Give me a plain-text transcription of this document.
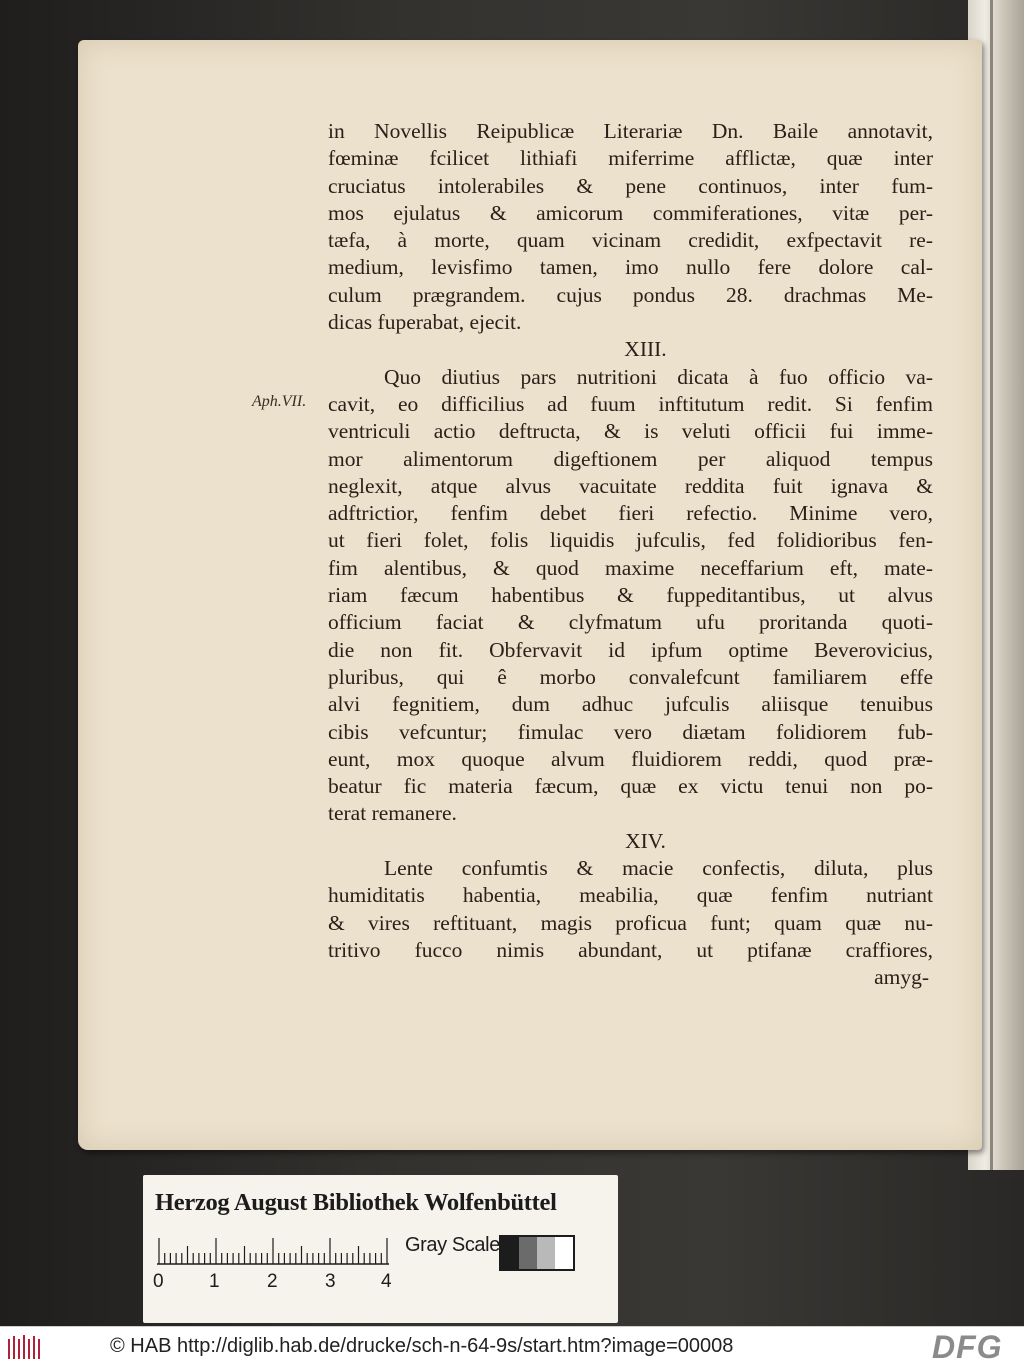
Aph.VII.
in Novellis Reipublicæ Literariæ Dn. Baile annotavit,
fœminæ fcilicet lithiafi miferrime afflictæ, quæ inter
cruciatus intolerabiles & pene continuos, inter fum-
mos ejulatus & amicorum commiferationes, vitæ per-
tæfa, à morte, quam vicinam credidit, exfpectavit re-
medium, levisfimo tamen, imo nullo fere dolore cal-
culum prægrandem. cujus pondus 28. drachmas Me-
dicas fuperabat, ejecit.
XIII.
Quo diutius pars nutritioni dicata à fuo officio va-
cavit, eo difficilius ad fuum inftitutum redit. Si fenfim
ventriculi actio deftructa, & is veluti officii fui imme-
mor alimentorum digeftionem per aliquod tempus
neglexit, atque alvus vacuitate reddita fuit ignava &
adftrictior, fenfim debet fieri refectio. Minime vero,
ut fieri folet, folis liquidis jufculis, fed folidioribus fen-
fim alentibus, & quod maxime neceffarium eft, mate-
riam fæcum habentibus & fuppeditantibus, ut alvus
officium faciat & clyfmatum ufu proritanda quoti-
die non fit. Obfervavit id ipfum optime Beverovicius,
pluribus, qui ê morbo convalefcunt familiarem effe
alvi fegnitiem, dum adhuc jufculis aliisque tenuibus
cibis vefcuntur; fimulac vero diætam folidiorem fub-
eunt, mox quoque alvum fluidiorem reddi, quod præ-
beatur fic materia fæcum, quæ ex victu tenui non po-
terat remanere.
XIV.
Lente confumtis & macie confectis, diluta, plus
humiditatis habentia, meabilia, quæ fenfim nutriant
& vires reftituant, magis proficua funt; quam quæ nu-
tritivo fucco nimis abundant, ut ptifanæ craffiores,
amyg-
Herzog August Bibliothek Wolfenbüttel
0 1 2 3 4
Gray Scale
© HAB http://diglib.hab.de/drucke/sch-n-64-9s/start.htm?image=00008	DFG
